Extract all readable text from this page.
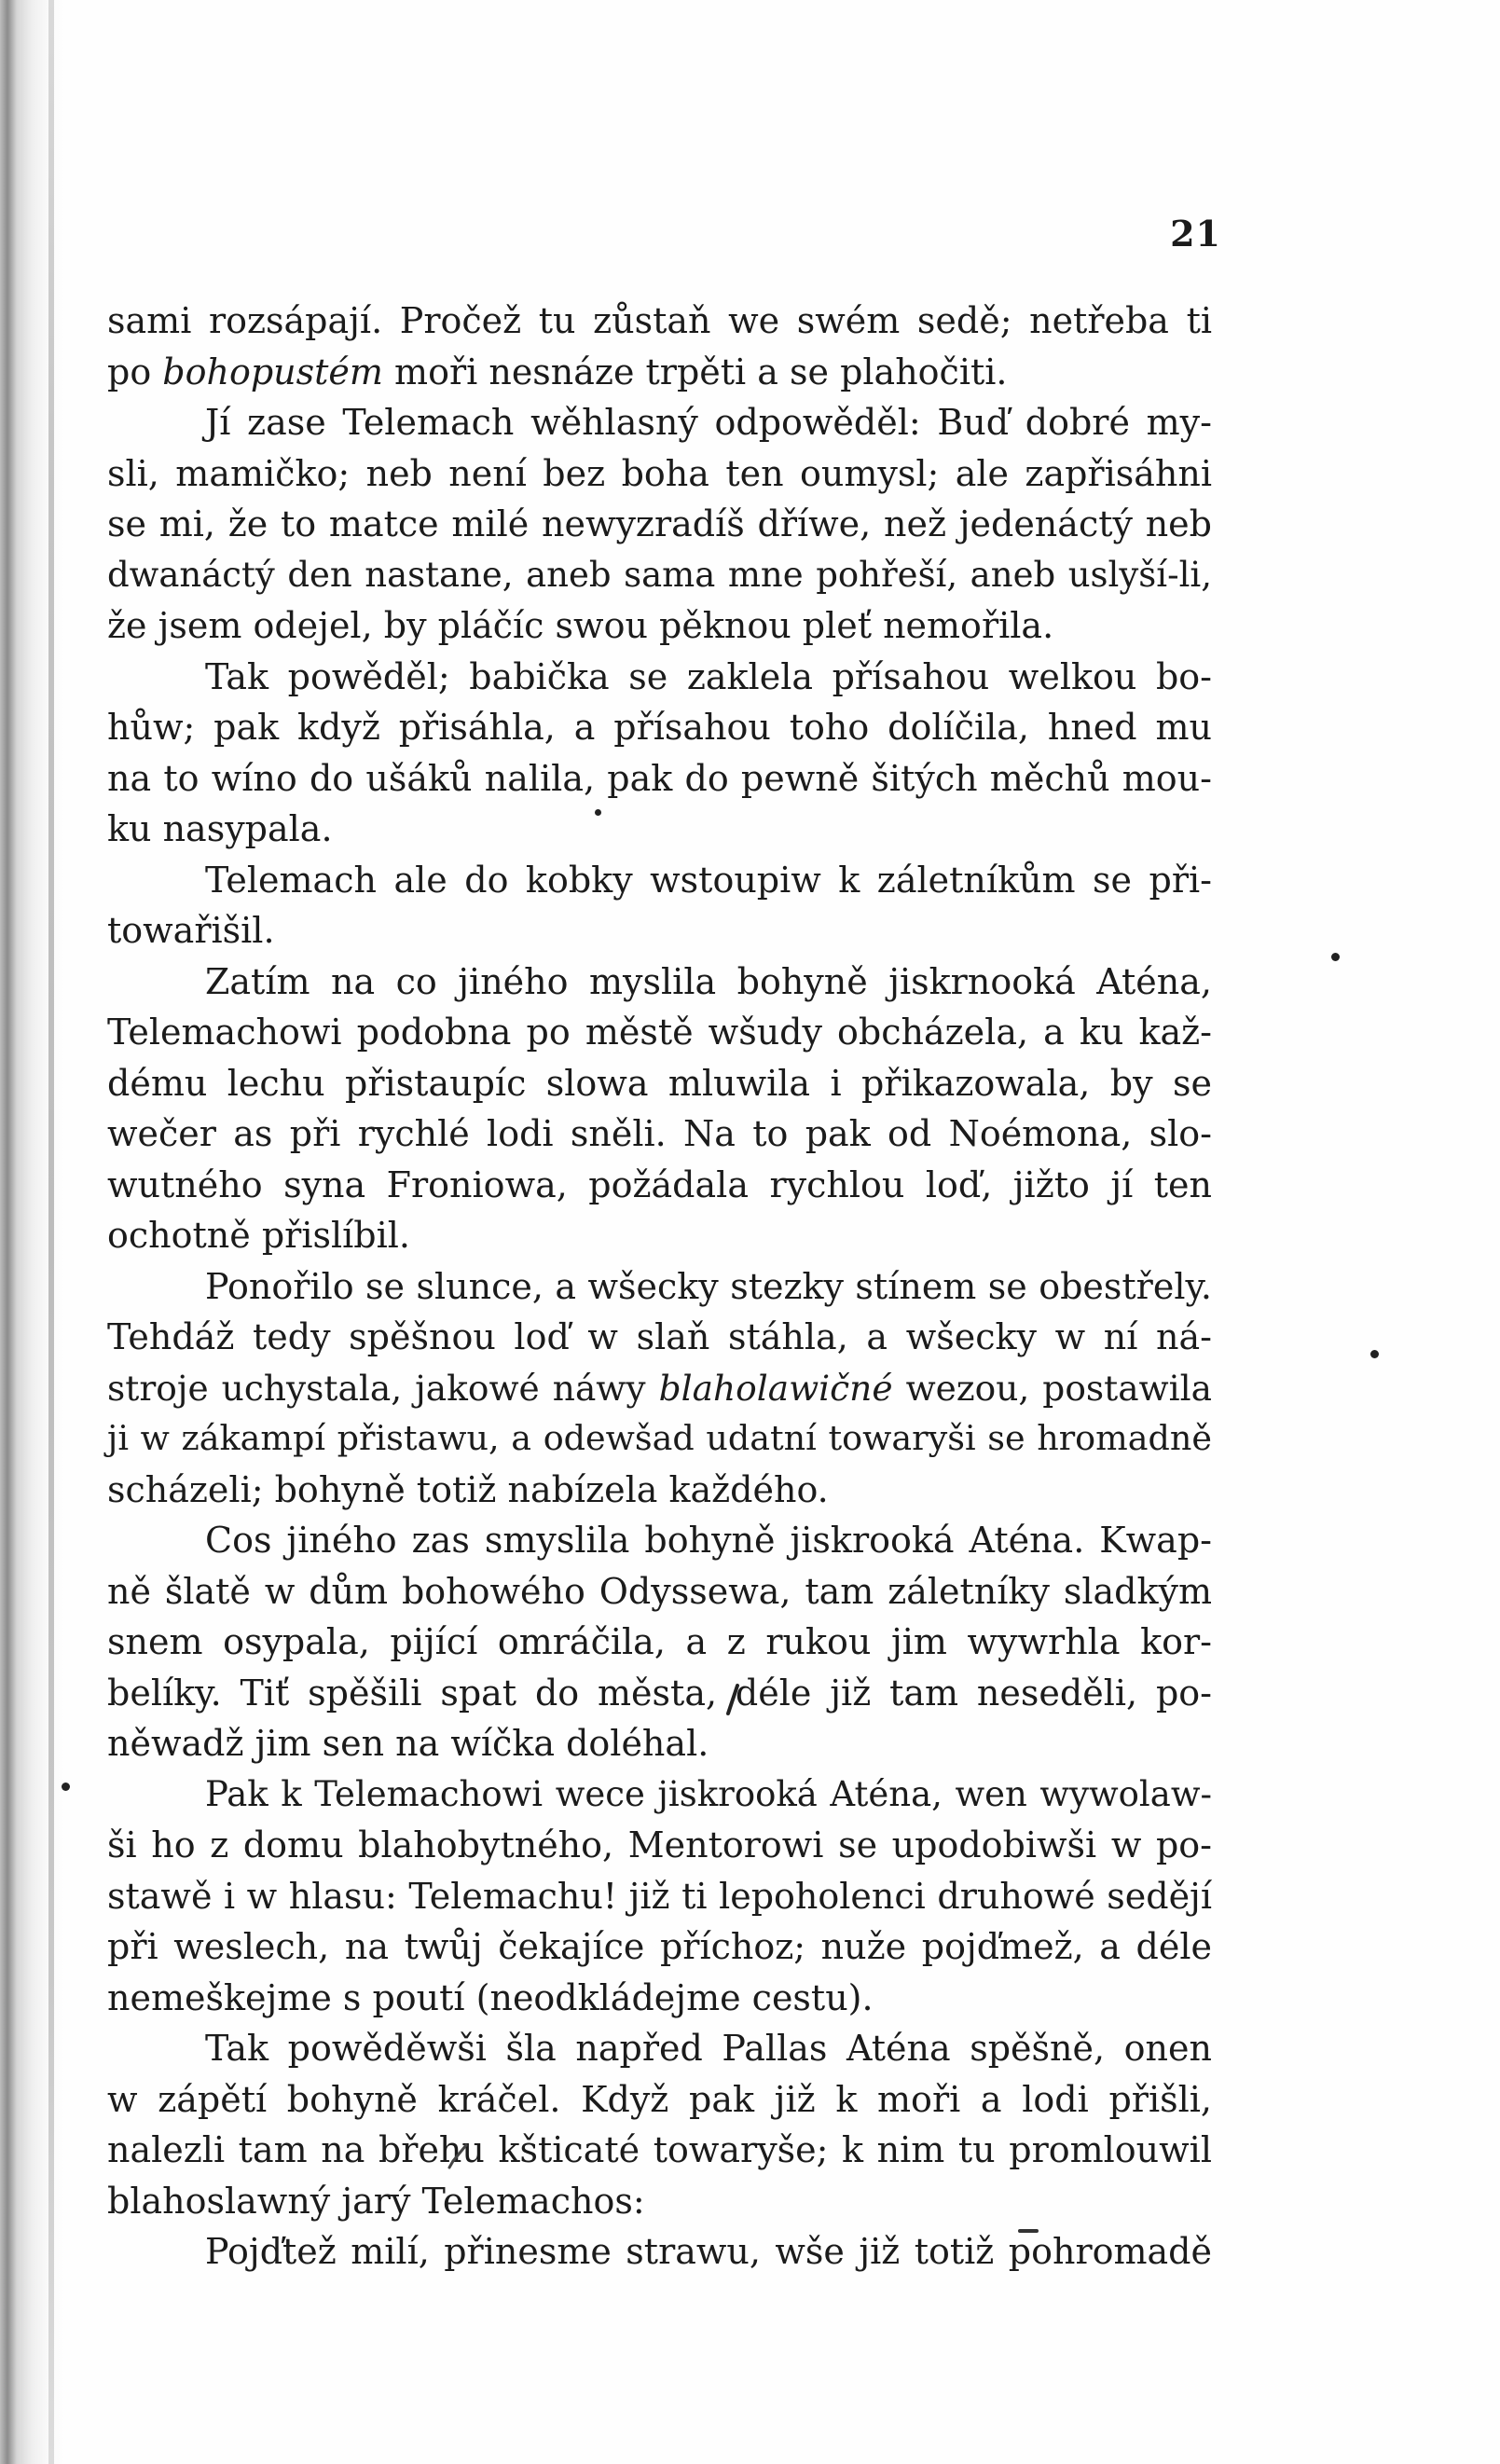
21
sami rozsápají. Pročež tu zůstaň we swém sedě; netřeba ti
po bohopustém moři nesnáze trpěti a se plahočiti.
Jí zase Telemach wěhlasný odpowěděl: Buď dobré my-
sli, mamičko; neb není bez boha ten oumysl; ale zapřisáhni
se mi, že to matce milé newyzradíš dříwe, než jedenáctý neb
dwanáctý den nastane, aneb sama mne pohřeší, aneb uslyší-li,
že jsem odejel, by pláčíc swou pěknou pleť nemořila.
Tak powěděl; babička se zaklela přísahou welkou bo-
hůw; pak když přisáhla, a přísahou toho dolíčila, hned mu
na to wíno do ušáků nalila, pak do pewně šitých měchů mou-
ku nasypala.
Telemach ale do kobky wstoupiw k záletníkům se při-
towařišil.
Zatím na co jiného myslila bohyně jiskrnooká Aténa,
Telemachowi podobna po městě wšudy obcházela, a ku kaž-
dému lechu přistaupíc slowa mluwila i přikazowala, by se
wečer as při rychlé lodi sněli. Na to pak od Noémona, slo-
wutného syna Froniowa, požádala rychlou loď, jižto jí ten
ochotně přislíbil.
Ponořilo se slunce, a wšecky stezky stínem se obestřely.
Tehdáž tedy spěšnou loď w slaň stáhla, a wšecky w ní ná-
stroje uchystala, jakowé náwy blaholawičné wezou, postawila
ji w zákampí přistawu, a odewšad udatní towaryši se hromadně
scházeli; bohyně totiž nabízela každého.
Cos jiného zas smyslila bohyně jiskrooká Aténa. Kwap-
ně šlatě w dům bohowého Odyssewa, tam záletníky sladkým
snem osypala, pijící omráčila, a z rukou jim wywrhla kor-
belíky. Tiť spěšili spat do města, déle již tam neseděli, po-
něwadž jim sen na wíčka doléhal.
Pak k Telemachowi wece jiskrooká Aténa, wen wywolaw-
ši ho z domu blahobytného, Mentorowi se upodobiwši w po-
stawě i w hlasu: Telemachu! již ti lepoholenci druhowé sedějí
při weslech, na twůj čekajíce příchoz; nuže pojďmež, a déle
nemeškejme s poutí (neodkládejme cestu).
Tak powěděwši šla napřed Pallas Aténa spěšně, onen
w zápětí bohyně kráčel. Když pak již k moři a lodi přišli,
nalezli tam na břehu kšticaté towaryše; k nim tu promlouwil
blahoslawný jarý Telemachos:
Pojďtež milí, přinesme strawu, wše již totiž pohromadě
